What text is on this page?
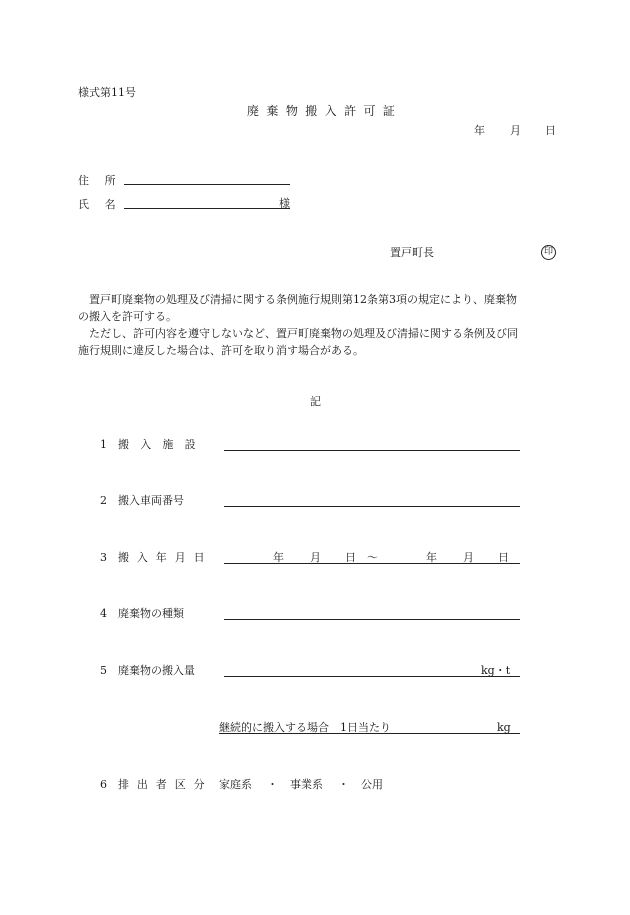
様式第11号
廃 棄 物 搬 入 許 可 証
年 月 日
住 所
氏 名	様
置戸町長	印
置戸町廃棄物の処理及び清掃に関する条例施行規則第12条第3項の規定により、廃棄物
の搬入を許可する。
ただし、許可内容を遵守しないなど、置戸町廃棄物の処理及び清掃に関する条例及び同
施行規則に違反した場合は、許可を取り消す場合がある。
記
1 搬 入 施 設
2 搬入車両番号
3 搬 入 年 月 日	年 月 日 ～	年 月 日
4 廃棄物の種類
5 廃棄物の搬入量	kg・t
継続的に搬入する場合　1日当たり	kg
6 排 出 者 区 分 家庭系 ・ 事業系 ・ 公用
